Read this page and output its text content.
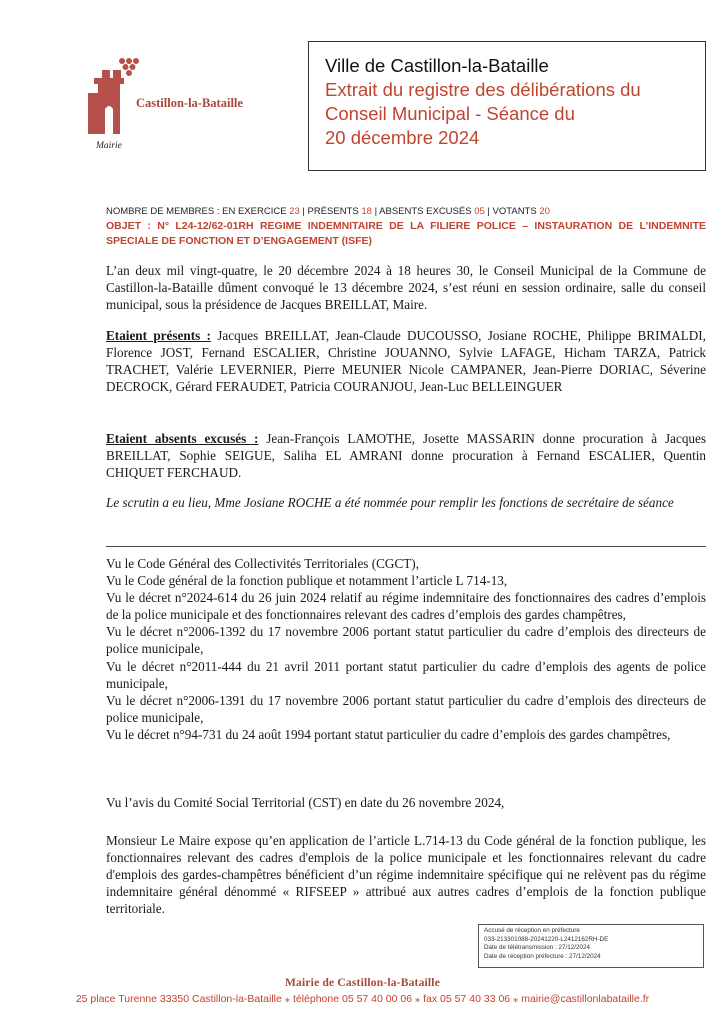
Castillon-la-Bataille
Mairie
Ville de Castillon-la-Bataille
Extrait du registre des délibérations du
Conseil Municipal - Séance du
20 décembre 2024
NOMBRE DE MEMBRES : EN EXERCICE 23 | PRÉSENTS 18 | ABSENTS EXCUSÉS 05 | VOTANTS 20
OBJET : N° L24-12/62-01RH REGIME INDEMNITAIRE DE LA FILIERE POLICE – INSTAURATION DE L’INDEMNITE SPECIALE DE FONCTION ET D’ENGAGEMENT (ISFE)
L’an deux mil vingt-quatre, le 20 décembre 2024 à 18 heures 30, le Conseil Municipal de la Commune de Castillon-la-Bataille dûment convoqué le 13 décembre 2024, s’est réuni en session ordinaire, salle du conseil municipal, sous la présidence de Jacques BREILLAT, Maire.
Etaient présents : Jacques BREILLAT, Jean-Claude DUCOUSSO, Josiane ROCHE, Philippe BRIMALDI, Florence JOST, Fernand ESCALIER, Christine JOUANNO, Sylvie LAFAGE, Hicham TARZA, Patrick TRACHET, Valérie LEVERNIER, Pierre MEUNIER Nicole CAMPANER, Jean-Pierre DORIAC, Séverine DECROCK, Gérard FERAUDET, Patricia COURANJOU, Jean-Luc BELLEINGUER
Etaient absents excusés : Jean-François LAMOTHE, Josette MASSARIN donne procuration à Jacques BREILLAT, Sophie SEIGUE, Saliha EL AMRANI donne procuration à Fernand ESCALIER, Quentin CHIQUET FERCHAUD.
Le scrutin a eu lieu, Mme Josiane ROCHE a été nommée pour remplir les fonctions de secrétaire de séance
Vu le Code Général des Collectivités Territoriales (CGCT),
Vu le Code général de la fonction publique et notamment l’article L 714-13,
Vu le décret n°2024-614 du 26 juin 2024 relatif au régime indemnitaire des fonctionnaires des cadres d’emplois de la police municipale et des fonctionnaires relevant des cadres d’emplois des gardes champêtres,
Vu le décret n°2006-1392 du 17 novembre 2006 portant statut particulier du cadre d’emplois des directeurs de police municipale,
Vu le décret n°2011-444 du 21 avril 2011 portant statut particulier du cadre d’emplois des agents de police municipale,
Vu le décret n°2006-1391 du 17 novembre 2006 portant statut particulier du cadre d’emplois des directeurs de police municipale,
Vu le décret n°94-731 du 24 août 1994 portant statut particulier du cadre d’emplois des gardes champêtres,
Vu l’avis du Comité Social Territorial (CST) en date du 26 novembre 2024,
Monsieur Le Maire expose qu’en application de l’article L.714-13 du Code général de la fonction publique, les fonctionnaires relevant des cadres d'emplois de la police municipale et les fonctionnaires relevant du cadre d'emplois des gardes-champêtres bénéficient d’un régime indemnitaire spécifique qui ne relèvent pas du régime indemnitaire général dénommé « RIFSEEP » attribué aux autres cadres d’emplois de la fonction publique territoriale.
Accusé de réception en préfecture
033-213301088-20241220-L2412162RH-DE
Date de télétransmission : 27/12/2024
Date de réception préfecture : 27/12/2024
Mairie de Castillon-la-Bataille
25 place Turenne 33350 Castillon-la-Bataille ⁎ téléphone 05 57 40 00 06 ⁎ fax 05 57 40 33 06 ⁎ mairie@castillonlabataille.fr
